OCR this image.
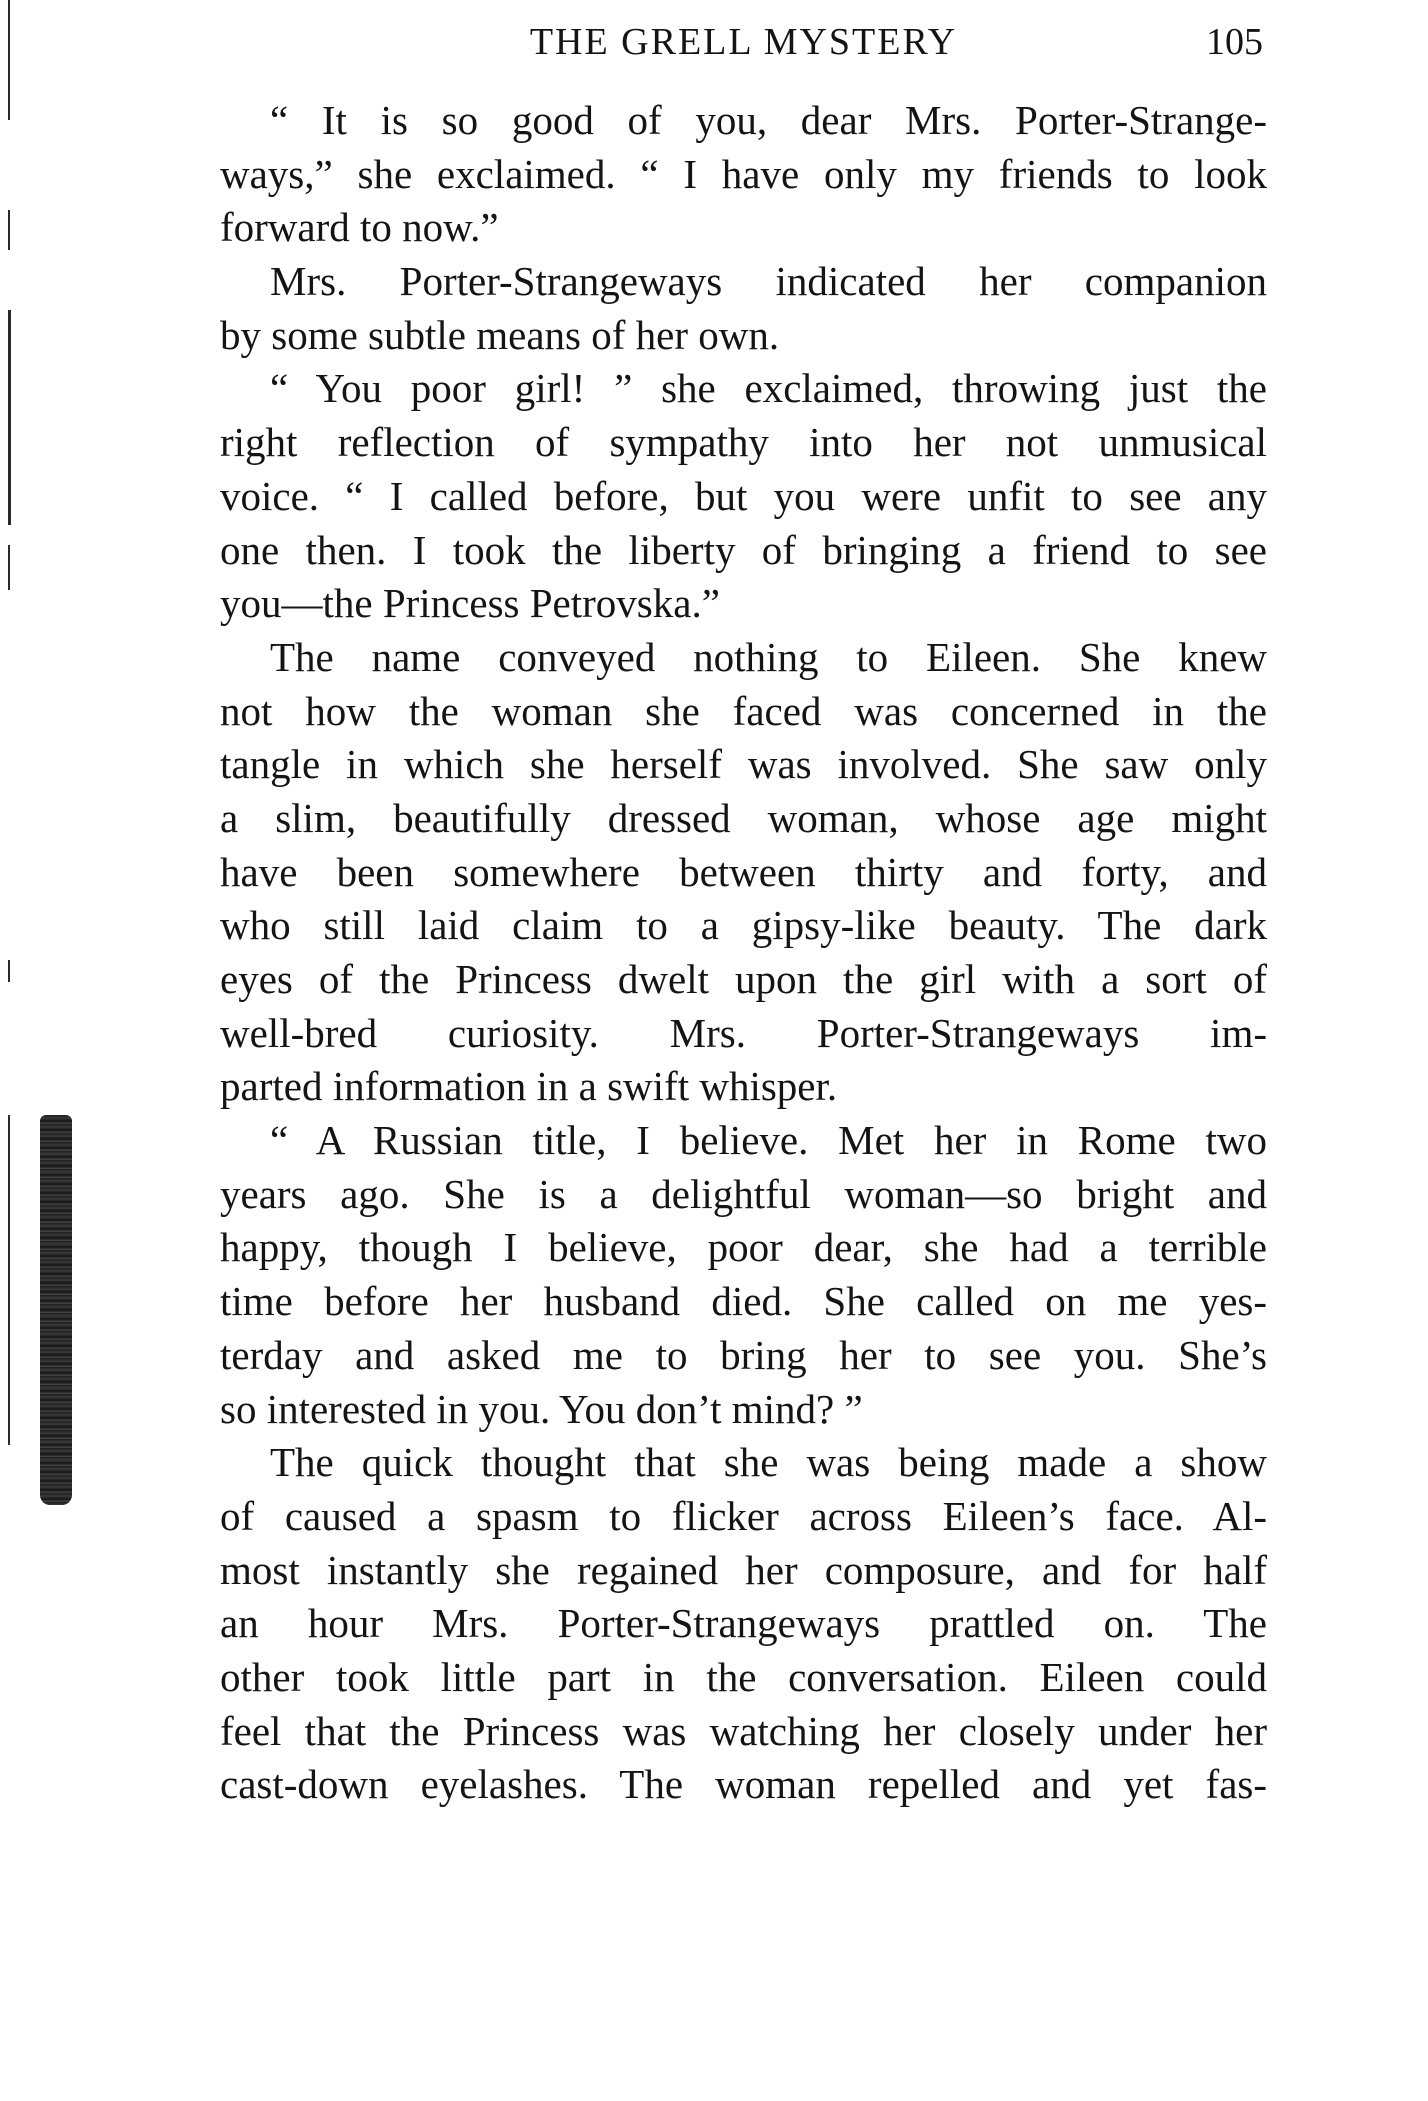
THE GRELL MYSTERY	105
“ It is so good of you, dear Mrs. Porter-Strange-
ways,” she exclaimed. “ I have only my friends to look
forward to now.”
Mrs. Porter-Strangeways indicated her companion
by some subtle means of her own.
“ You poor girl! ” she exclaimed, throwing just the
right reflection of sympathy into her not unmusical
voice. “ I called before, but you were unfit to see any
one then. I took the liberty of bringing a friend to see
you—the Princess Petrovska.”
The name conveyed nothing to Eileen. She knew
not how the woman she faced was concerned in the
tangle in which she herself was involved. She saw only
a slim, beautifully dressed woman, whose age might
have been somewhere between thirty and forty, and
who still laid claim to a gipsy-like beauty. The dark
eyes of the Princess dwelt upon the girl with a sort of
well-bred curiosity. Mrs. Porter-Strangeways im-
parted information in a swift whisper.
“ A Russian title, I believe. Met her in Rome two
years ago. She is a delightful woman—so bright and
happy, though I believe, poor dear, she had a terrible
time before her husband died. She called on me yes-
terday and asked me to bring her to see you. She’s
so interested in you. You don’t mind? ”
The quick thought that she was being made a show
of caused a spasm to flicker across Eileen’s face. Al-
most instantly she regained her composure, and for half
an hour Mrs. Porter-Strangeways prattled on. The
other took little part in the conversation. Eileen could
feel that the Princess was watching her closely under her
cast-down eyelashes. The woman repelled and yet fas-
